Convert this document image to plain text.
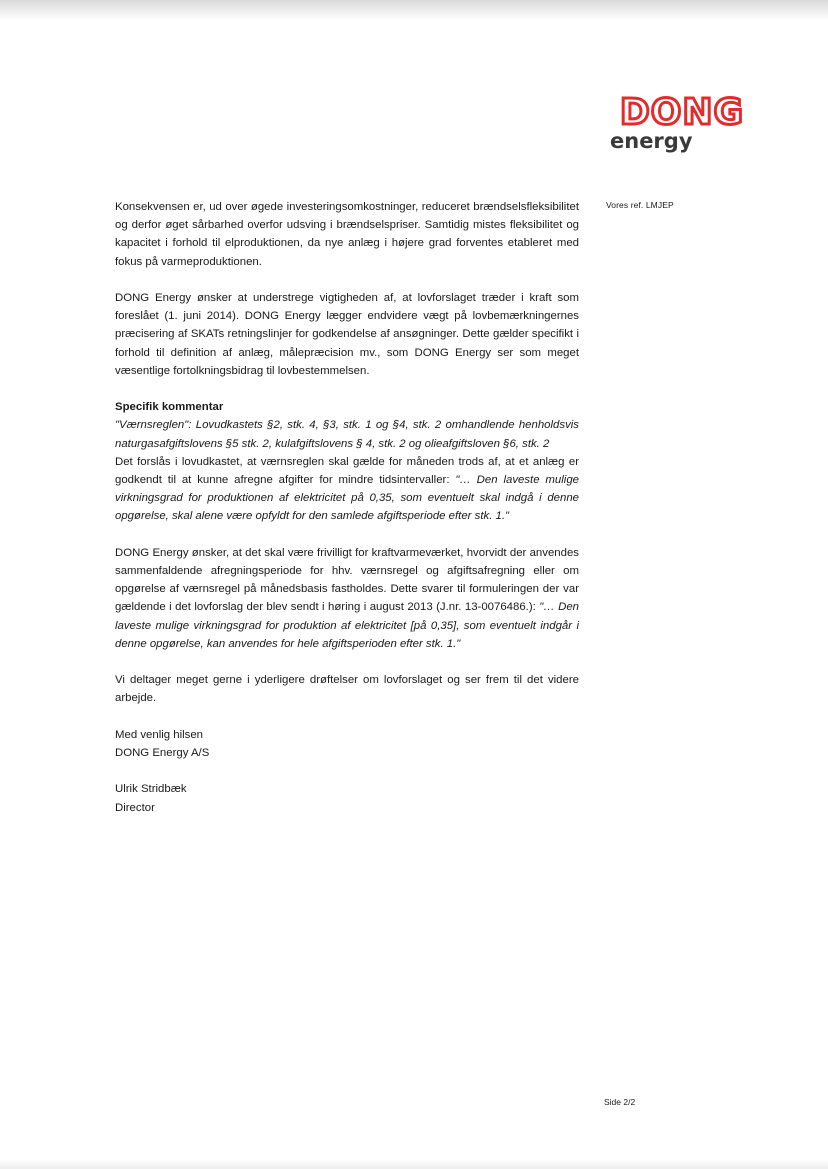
DONG
energy
Vores ref. LMJEP

Konsekvensen er, ud over øgede investeringsomkostninger, reduceret brændselsfleksibilitet og derfor øget sårbarhed overfor udsving i brændselspriser. Samtidig mistes fleksibilitet og kapacitet i forhold til elproduktionen, da nye anlæg i højere grad forventes etableret med fokus på varmeproduktionen.

DONG Energy ønsker at understrege vigtigheden af, at lovforslaget træder i kraft som foreslået (1. juni 2014). DONG Energy lægger endvidere vægt på lovbemærkningernes præcisering af SKATs retningslinjer for godkendelse af ansøgninger. Dette gælder specifikt i forhold til definition af anlæg, målepræcision mv., som DONG Energy ser som meget væsentlige fortolkningsbidrag til lovbestemmelsen.

Specifik kommentar

"Værnsreglen": Lovudkastets §2, stk. 4, §3, stk. 1 og §4, stk. 2 omhandlende henholdsvis naturgasafgiftslovens §5 stk. 2, kulafgiftslovens § 4, stk. 2 og olieafgiftsloven §6, stk. 2

Det forslås i lovudkastet, at værnsreglen skal gælde for måneden trods af, at et anlæg er godkendt til at kunne afregne afgifter for mindre tidsintervaller: "… Den laveste mulige virkningsgrad for produktionen af elektricitet på 0,35, som eventuelt skal indgå i denne opgørelse, skal alene være opfyldt for den samlede afgiftsperiode efter stk. 1."

DONG Energy ønsker, at det skal være frivilligt for kraftvarmeværket, hvorvidt der anvendes sammenfaldende afregningsperiode for hhv. værnsregel og afgiftsafregning eller om opgørelse af værnsregel på månedsbasis fastholdes. Dette svarer til formuleringen der var gældende i det lovforslag der blev sendt i høring i august 2013 (J.nr. 13-0076486.): "… Den laveste mulige virkningsgrad for produktion af elektricitet [på 0,35], som eventuelt indgår i denne opgørelse, kan anvendes for hele afgiftsperioden efter stk. 1."

Vi deltager meget gerne i yderligere drøftelser om lovforslaget og ser frem til det videre arbejde.

Med venlig hilsen

DONG Energy A/S

Ulrik Stridbæk

Director

Side 2/2
